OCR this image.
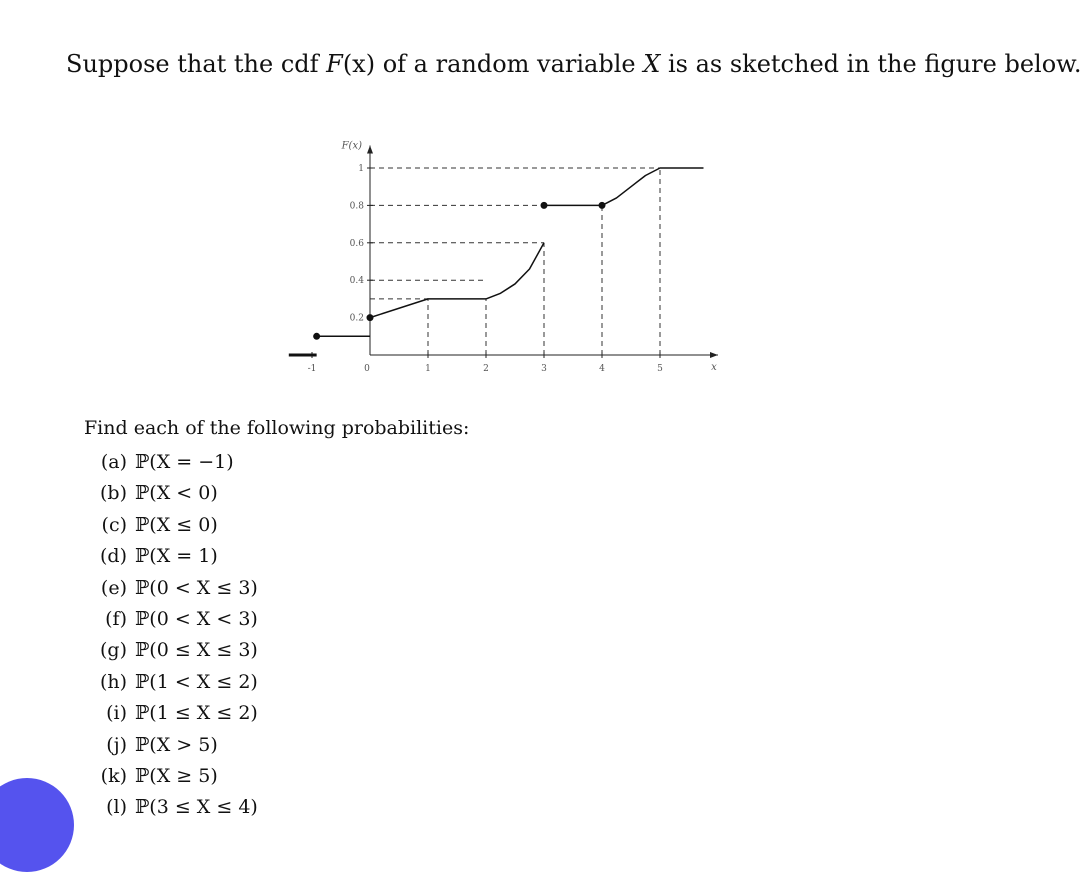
Suppose that the cdf F(x) of a random variable X is as sketched in the figure below.
-1	0	1	2	3	4	5
0.2
0.4
0.6
0.8
1
F(x)
x
Find each of the following probabilities:
(a) ℙ(X = −1)
(b) ℙ(X < 0)
(c) ℙ(X ≤ 0)
(d) ℙ(X = 1)
(e) ℙ(0 < X ≤ 3)
(f) ℙ(0 < X < 3)
(g) ℙ(0 ≤ X ≤ 3)
(h) ℙ(1 < X ≤ 2)
(i) ℙ(1 ≤ X ≤ 2)
(j) ℙ(X > 5)
(k) ℙ(X ≥ 5)
(l) ℙ(3 ≤ X ≤ 4)
